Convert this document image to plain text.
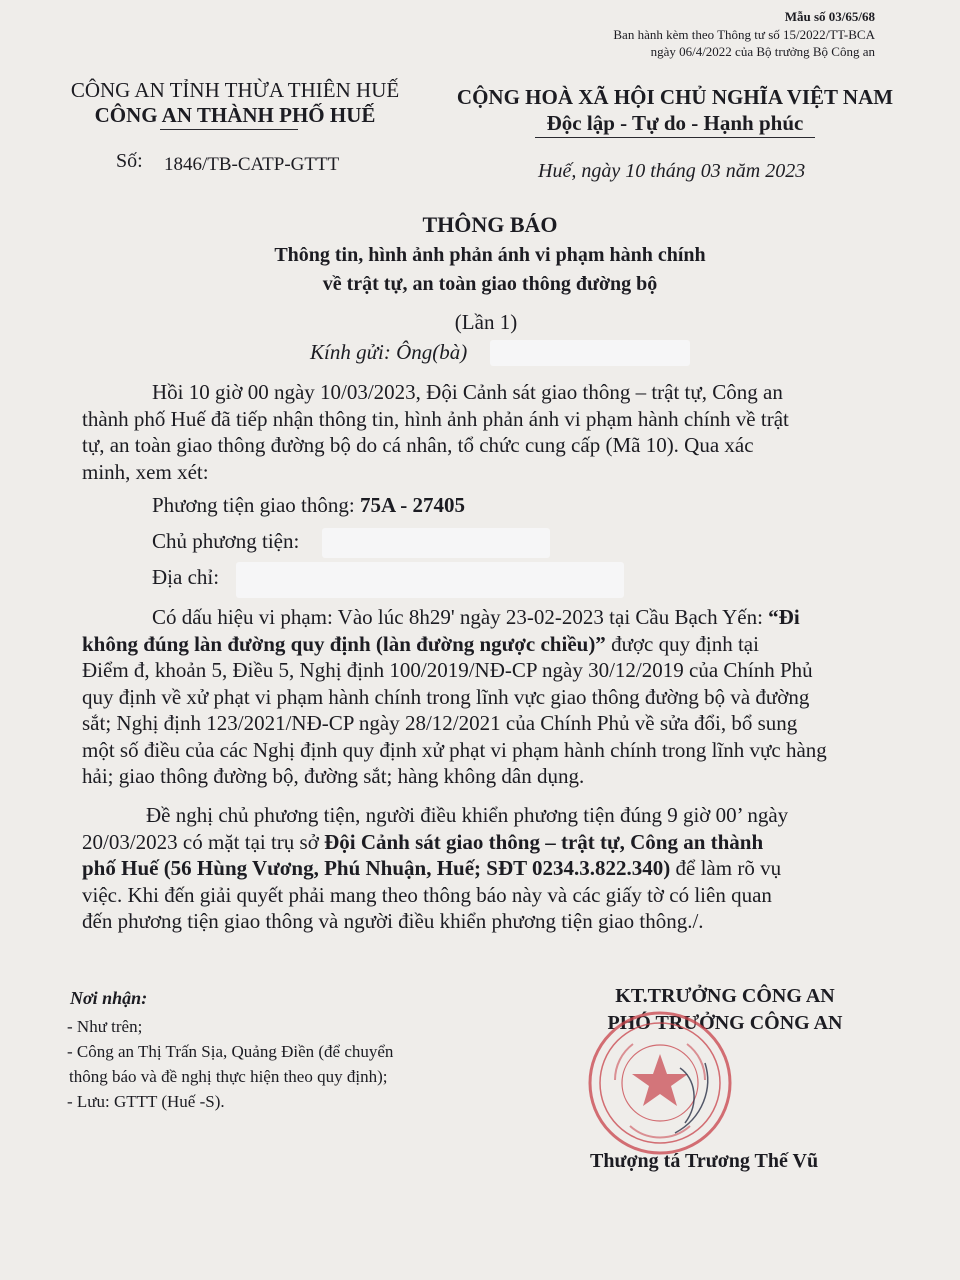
Mẫu số 03/65/68
Ban hành kèm theo Thông tư số 15/2022/TT-BCA
ngày 06/4/2022 của Bộ trưởng Bộ Công an
CÔNG AN TỈNH THỪA THIÊN HUẾ
CÔNG AN THÀNH PHỐ HUẾ
Số: 1846/TB-CATP-GTTT
CỘNG HOÀ XÃ HỘI CHỦ NGHĨA VIỆT NAM
Độc lập - Tự do - Hạnh phúc
Huế, ngày 10 tháng 03 năm 2023
THÔNG BÁO
Thông tin, hình ảnh phản ánh vi phạm hành chính
về trật tự, an toàn giao thông đường bộ
(Lần 1)
Kính gửi: Ông(bà)
Hồi 10 giờ 00 ngày 10/03/2023, Đội Cảnh sát giao thông – trật tự, Công an
thành phố Huế đã tiếp nhận thông tin, hình ảnh phản ánh vi phạm hành chính về trật
tự, an toàn giao thông đường bộ do cá nhân, tổ chức cung cấp (Mã 10). Qua xác
minh, xem xét:
Phương tiện giao thông: 75A - 27405
Chủ phương tiện:
Địa chỉ:
Có dấu hiệu vi phạm: Vào lúc 8h29' ngày 23-02-2023 tại Cầu Bạch Yến: “Đi
không đúng làn đường quy định (làn đường ngược chiều)” được quy định tại
Điểm đ, khoản 5, Điều 5, Nghị định 100/2019/NĐ-CP ngày 30/12/2019 của Chính Phủ
quy định về xử phạt vi phạm hành chính trong lĩnh vực giao thông đường bộ và đường
sắt; Nghị định 123/2021/NĐ-CP ngày 28/12/2021 của Chính Phủ về sửa đổi, bổ sung
một số điều của các Nghị định quy định xử phạt vi phạm hành chính trong lĩnh vực hàng
hải; giao thông đường bộ, đường sắt; hàng không dân dụng.
Đề nghị chủ phương tiện, người điều khiển phương tiện đúng 9 giờ 00’ ngày
20/03/2023 có mặt tại trụ sở Đội Cảnh sát giao thông – trật tự, Công an thành
phố Huế (56 Hùng Vương, Phú Nhuận, Huế; SĐT 0234.3.822.340) để làm rõ vụ
việc. Khi đến giải quyết phải mang theo thông báo này và các giấy tờ có liên quan
đến phương tiện giao thông và người điều khiển phương tiện giao thông./.
Nơi nhận:
- Như trên;
- Công an Thị Trấn Sịa, Quảng Điền (để chuyển
thông báo và đề nghị thực hiện theo quy định);
- Lưu: GTTT (Huế -S).
KT.TRƯỞNG CÔNG AN
PHÓ TRƯỞNG CÔNG AN
Thượng tá Trương Thế Vũ
